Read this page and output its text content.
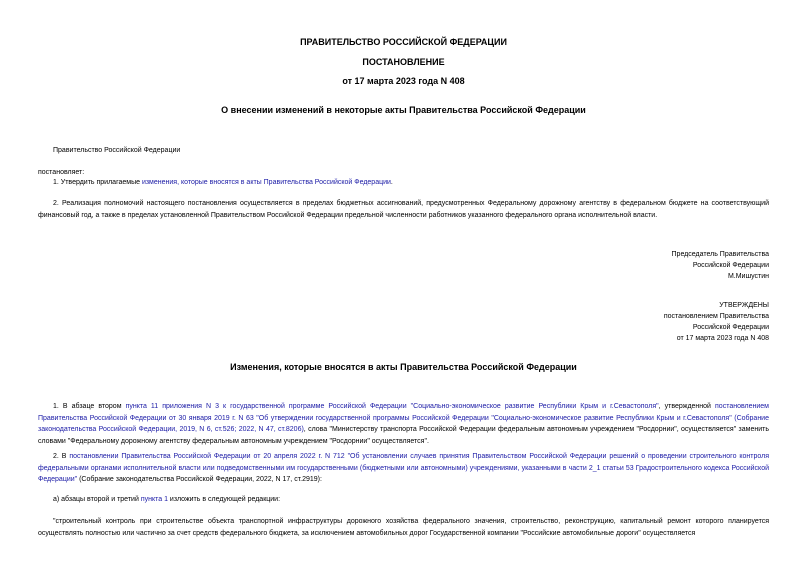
ПРАВИТЕЛЬСТВО РОССИЙСКОЙ ФЕДЕРАЦИИ
ПОСТАНОВЛЕНИЕ
от 17 марта 2023 года N 408
О внесении изменений в некоторые акты Правительства Российской Федерации
Правительство Российской Федерации
постановляет:
1. Утвердить прилагаемые изменения, которые вносятся в акты Правительства Российской Федерации.
2. Реализация полномочий настоящего постановления осуществляется в пределах бюджетных ассигнований, предусмотренных Федеральному дорожному агентству в федеральном бюджете на соответствующий финансовый год, а также в пределах установленной Правительством Российской Федерации предельной численности работников указанного федерального органа исполнительной власти.
Председатель Правительства
Российской Федерации
М.Мишустин
УТВЕРЖДЕНЫ
постановлением Правительства
Российской Федерации
от 17 марта 2023 года N 408
Изменения, которые вносятся в акты Правительства Российской Федерации
1. В абзаце втором пункта 11 приложения N 3 к государственной программе Российской Федерации "Социально-экономическое развитие Республики Крым и г.Севастополя", утвержденной постановлением Правительства Российской Федерации от 30 января 2019 г. N 63 "Об утверждении государственной программы Российской Федерации "Социально-экономическое развитие Республики Крым и г.Севастополя" (Собрание законодательства Российской Федерации, 2019, N 6, ст.526; 2022, N 47, ст.8206), слова "Министерству транспорта Российской Федерации федеральным автономным учреждением "Росдорнии", осуществляется" заменить словами "Федеральному дорожному агентству федеральным автономным учреждением "Росдорнии" осуществляется".
2. В постановлении Правительства Российской Федерации от 20 апреля 2022 г. N 712 "Об установлении случаев принятия Правительством Российской Федерации решений о проведении строительного контроля федеральными органами исполнительной власти или подведомственными им государственными (бюджетными или автономными) учреждениями, указанными в части 2_1 статьи 53 Градостроительного кодекса Российской Федерации" (Собрание законодательства Российской Федерации, 2022, N 17, ст.2919):
а) абзацы второй и третий пункта 1 изложить в следующей редакции:
"строительный контроль при строительстве объекта транспортной инфраструктуры дорожного хозяйства федерального значения, строительство, реконструкцию, капитальный ремонт которого планируется осуществлять полностью или частично за счет средств федерального бюджета, за исключением автомобильных дорог Государственной компании "Российские автомобильные дороги" осуществляется
